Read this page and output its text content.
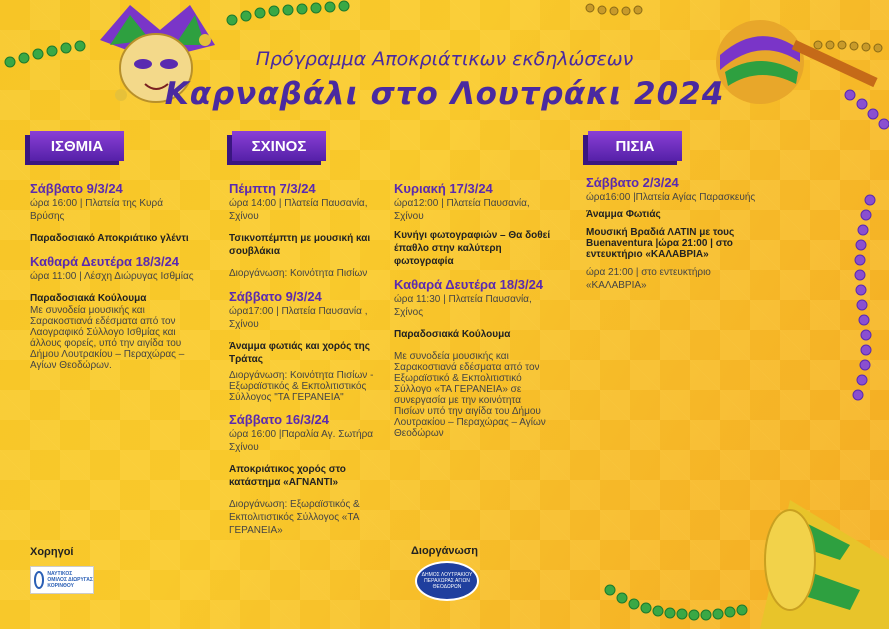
Πρόγραμμα Αποκριάτικων εκδηλώσεων
Καρναβάλι στο Λουτράκι 2024
ΙΣΘΜΙΑ	ΣΧΙΝΟΣ	ΠΙΣΙΑ
Σάββατο 9/3/24
ώρα 16:00 | Πλατεία της Κυρά Βρύσης
Παραδοσιακό Αποκριάτικο γλέντι
Καθαρά Δευτέρα 18/3/24
ώρα 11:00 | Λέσχη Διώρυγας Ισθμίας
Παραδοσιακά Κούλουμα
Με συνοδεία μουσικής και Σαρακοστιανά εδέσματα από τον Λαογραφικό Σύλλογο Ισθμίας και άλλους φορείς, υπό την αιγίδα του Δήμου Λουτρακίου – Περαχώρας – Αγίων Θεοδώρων.
Πέμπτη 7/3/24
ώρα 14:00 | Πλατεία Παυσανία, Σχίνου
Τσικνοπέμπτη με μουσική και σουβλάκια
Διοργάνωση: Κοινότητα Πισίων
Σάββατο 9/3/24
ώρα17:00 | Πλατεία Παυσανία , Σχίνου
Άναμμα φωτιάς και χορός της Τράτας
Διοργάνωση: Κοινότητα Πισίων - Εξωραϊστικός & Εκπολιτιστικός Σύλλογος "ΤΑ ΓΕΡΑΝΕΙΑ"
Σάββατο 16/3/24
ώρα 16:00 |Παραλία Αγ. Σωτήρα Σχίνου
Αποκριάτικος χορός στο κατάστημα «ΑΓΝΑΝΤΙ»
Διοργάνωση: Εξωραϊστικός & Εκπολιτιστικός Σύλλογος «ΤΑ ΓΕΡΑΝΕΙΑ»
Κυριακή 17/3/24
ώρα12:00 | Πλατεία Παυσανία, Σχίνου
Κυνήγι φωτογραφιών – Θα δοθεί έπαθλο στην καλύτερη φωτογραφία
Καθαρά Δευτέρα 18/3/24
ώρα 11:30 | Πλατεία Παυσανία, Σχίνος
Παραδοσιακά Κούλουμα
Με συνοδεία μουσικής και Σαρακοστιανά εδέσματα από τον Εξωραϊστικό & Εκπολιτιστικό Σύλλογο «ΤΑ ΓΕΡΑΝΕΙΑ» σε συνεργασία με την κοινότητα Πισίων υπό την αιγίδα του Δήμου Λουτρακίου – Περαχώρας – Αγίων Θεοδώρων
Σάββατο 2/3/24
ώρα16:00 |Πλατεία Αγίας Παρασκευής
Άναμμα Φωτιάς
Μουσική Βραδιά ΛΑΤΙΝ με τους Buenaventura |ώρα 21:00 | στο εντευκτήριο «ΚΑΛΑΒΡΙΑ»
ώρα 21:00 | στο εντευκτήριο «ΚΑΛΑΒΡΙΑ»
Χορηγοί
ΝΑΥΤΙΚΟΣ ΟΜΙΛΟΣ ΔΙΩΡΥΓΑΣ ΚΟΡΙΝΘΟΥ
Διοργάνωση
ΔΗΜΟΣ ΛΟΥΤΡΑΚΙΟΥ ΠΕΡΑΧΩΡΑΣ ΑΓΙΩΝ ΘΕΟΔΩΡΩΝ
